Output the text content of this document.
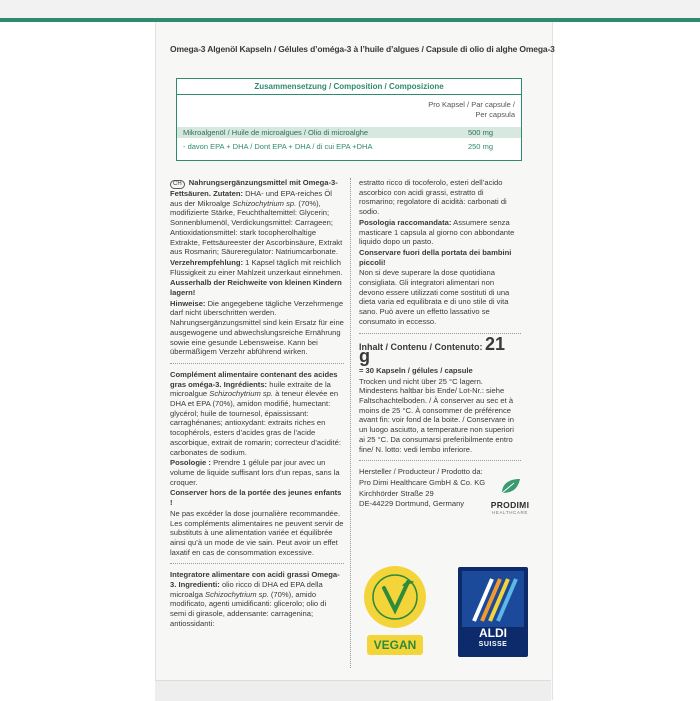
Omega-3 Algenöl Kapseln / Gélules d’oméga-3 à l’huile d’algues / Capsule di olio di alghe Omega-3
Zusammensetzung / Composition / Composizione
Pro Kapsel / Par capsule /
Per capsula
Mikroalgenöl / Huile de microalgues / Olio di microalghe	500 mg
- davon EPA + DHA / Dont EPA + DHA / di cui EPA +DHA	250 mg

CH Nahrungsergänzungsmittel mit Omega-3-Fettsäuren. Zutaten: DHA- und EPA-reiches Öl aus der Mikroalge Schizochytrium sp. (70%), modifizierte Stärke, Feuchthaltemittel: Glycerin; Sonnenblumenöl, Verdickungsmittel: Carrageen; Antioxidationsmittel: stark tocopherolhaltige Extrakte, Fettsäureester der Ascorbinsäure, Extrakt aus Rosmarin; Säureregulator: Natriumcarbonate.

Verzehrempfehlung: 1 Kapsel täglich mit reichlich Flüssigkeit zu einer Mahlzeit unzerkaut einnehmen.

Ausserhalb der Reichweite von kleinen Kindern lagern!

Hinweise: Die angegebene tägliche Verzehrmenge darf nicht überschritten werden. Nahrungsergänzungsmittel sind kein Ersatz für eine ausgewogene und abwechslungsreiche Ernährung sowie eine gesunde Lebensweise. Kann bei übermäßigem Verzehr abführend wirken.

Complément alimentaire contenant des acides gras oméga-3. Ingrédients: huile extraite de la microalgue Schizochytrium sp. à teneur élevée en DHA et EPA (70%), amidon modifié, humectant: glycérol; huile de tournesol, épaississant: carraghénanes; antioxydant: extraits riches en tocophérols, esters d’acides gras de l’acide ascorbique, extrait de romarin; correcteur d’acidité: carbonates de sodium.

Posologie : Prendre 1 gélule par jour avec un volume de liquide suffisant lors d’un repas, sans la croquer.

Conserver hors de la portée des jeunes enfants !

Ne pas excéder la dose journalière recommandée. Les compléments alimentaires ne peuvent servir de substituts à une alimentation variée et équilibrée ainsi qu’à un mode de vie sain. Peut avoir un effet laxatif en cas de consommation excessive.

Integratore alimentare con acidi grassi Omega-3. Ingredienti: olio ricco di DHA ed EPA della microalga Schizochytrium sp. (70%), amido modificato, agenti umidificanti: glicerolo; olio di semi di girasole, addensante: carragenina; antiossidanti:

estratto ricco di tocoferolo, esteri dell’acido ascorbico con acidi grassi, estratto di rosmarino; regolatore di acidità: carbonati di sodio.

Posologia raccomandata: Assumere senza masticare 1 capsula al giorno con abbondante liquido dopo un pasto.

Conservare fuori della portata dei bambini piccoli!

Non si deve superare la dose quotidiana consigliata. Gli integratori alimentari non devono essere utilizzati come sostituti di una dieta varia ed equilibrata e di uno stile di vita sano. Può avere un effetto lassativo se consumato in eccesso.

Inhalt / Contenu / Contenuto: 21 g

= 30 Kapseln / gélules / capsule

Trocken und nicht über 25 °C lagern. Mindestens haltbar bis Ende/ Lot-Nr.: siehe Faltschachtelboden. / À conserver au sec et à moins de 25 °C. À consommer de préférence avant fin: voir fond de la boite. / Conservare in un luogo asciutto, a temperature non superiori ai 25 °C. Da consumarsi preferibilmente entro fine/ N. lotto: vedi lembo inferiore.

Hersteller / Producteur / Prodotto da:

Pro Dimi Healthcare GmbH & Co. KG

Kirchhörder Straße 29

DE-44229 Dortmund, Germany	PRODIMI
HEALTHCARE
VEGAN
ALDI
SUISSE
